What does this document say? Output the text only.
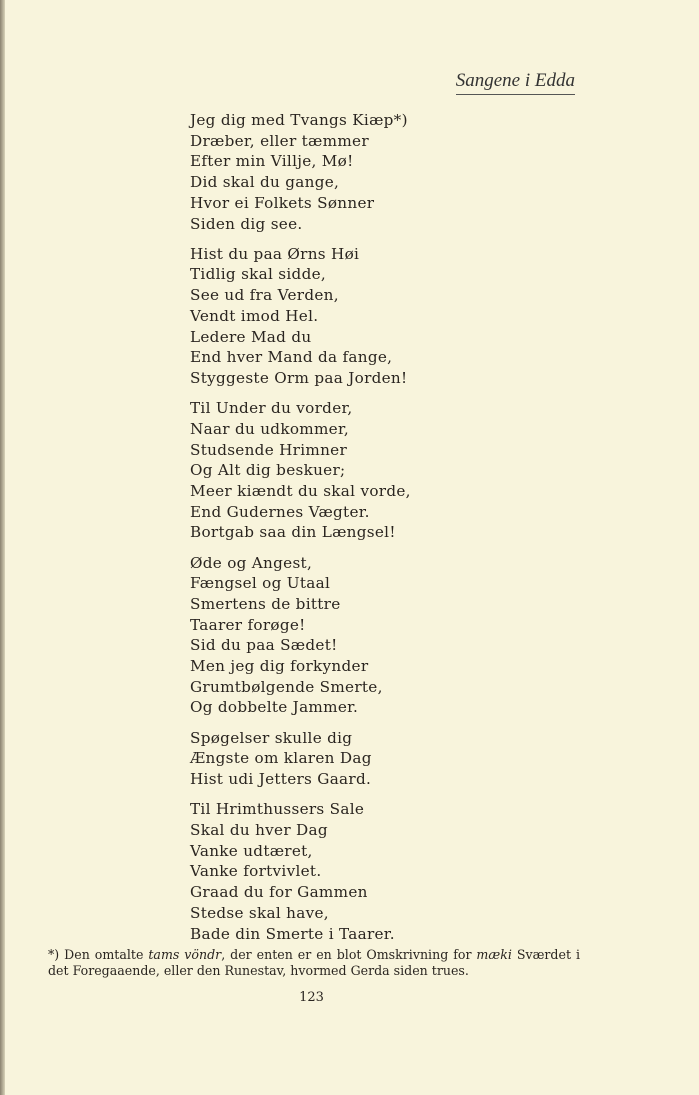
Sangene i Edda
Jeg dig med Tvangs Kiæp*)
Dræber, eller tæmmer
Efter min Villje, Mø!
Did skal du gange,
Hvor ei Folkets Sønner
Siden dig see.
Hist du paa Ørns Høi
Tidlig skal sidde,
See ud fra Verden,
Vendt imod Hel.
Ledere Mad du
End hver Mand da fange,
Styggeste Orm paa Jorden!
Til Under du vorder,
Naar du udkommer,
Studsende Hrimner
Og Alt dig beskuer;
Meer kiændt du skal vorde,
End Gudernes Vægter.
Bortgab saa din Længsel!
Øde og Angest,
Fængsel og Utaal
Smertens de bittre
Taarer forøge!
Sid du paa Sædet!
Men jeg dig forkynder
Grumtbølgende Smerte,
Og dobbelte Jammer.
Spøgelser skulle dig
Ængste om klaren Dag
Hist udi Jetters Gaard.
Til Hrimthussers Sale
Skal du hver Dag
Vanke udtæret,
Vanke fortvivlet.
Graad du for Gammen
Stedse skal have,
Bade din Smerte i Taarer.
*) Den omtalte tams vöndr, der enten er en blot Omskrivning for mæki Sværdet i det Foregaaende, eller den Runestav, hvormed Gerda siden trues.
123
